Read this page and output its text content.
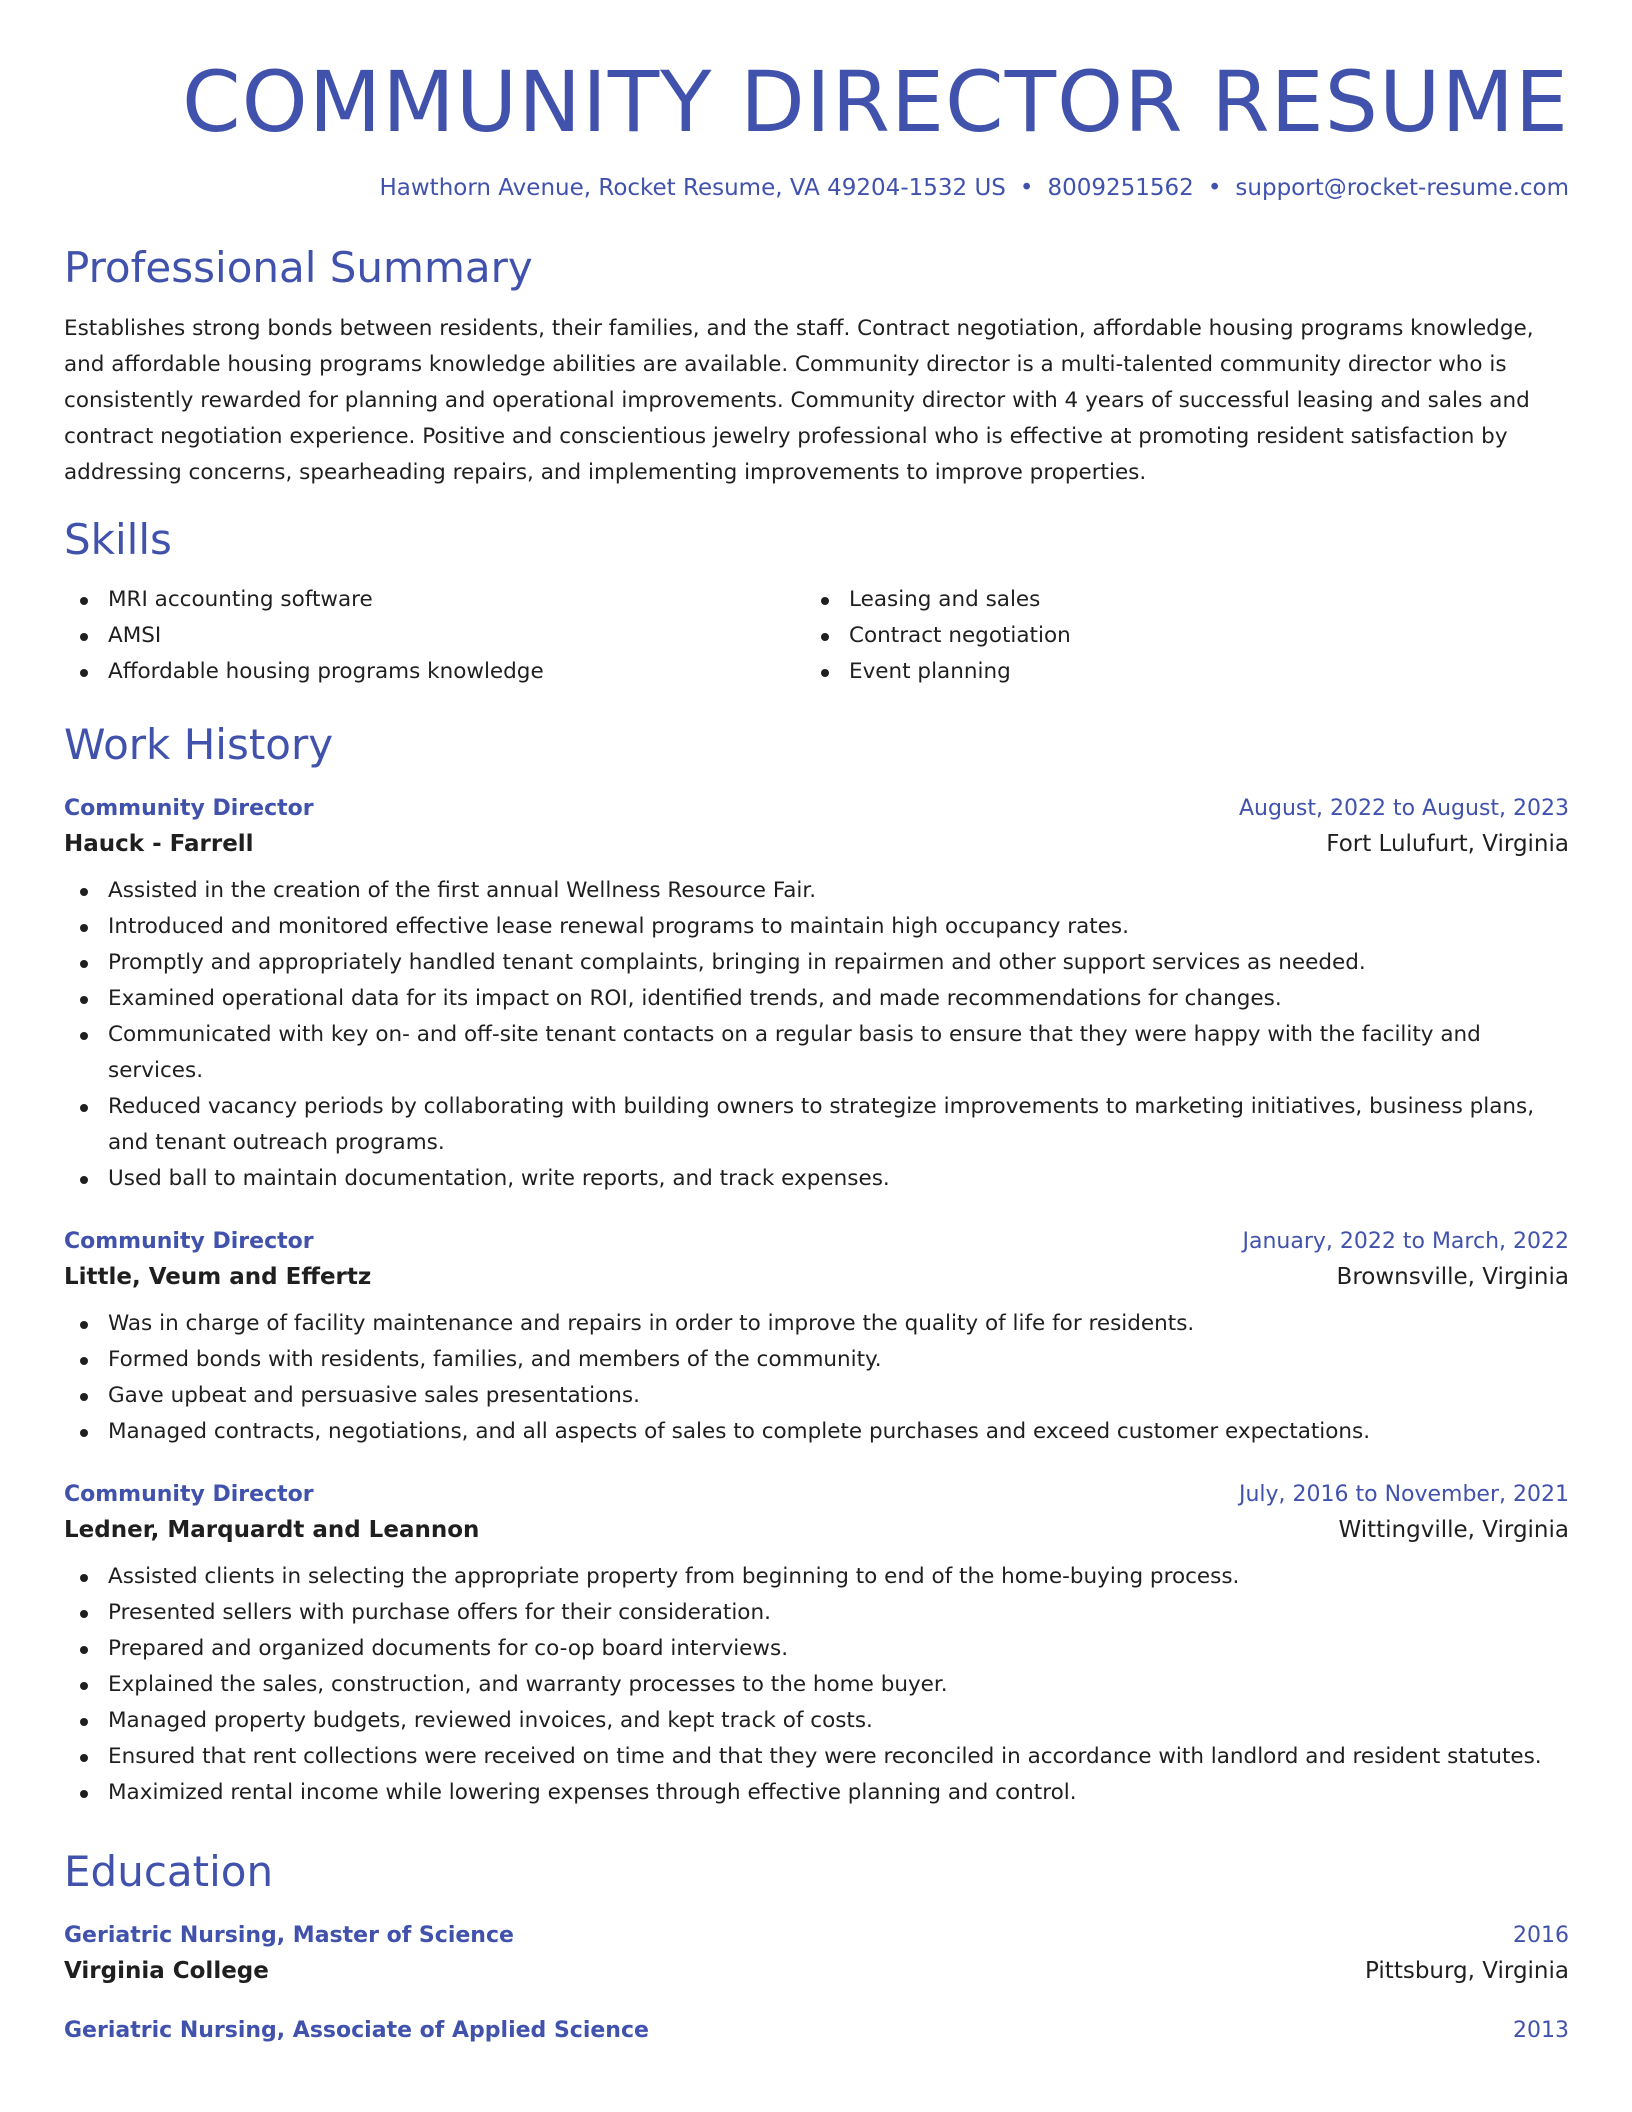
COMMUNITY DIRECTOR RESUME
Hawthorn Avenue, Rocket Resume, VA 49204-1532 US • 8009251562 • support@rocket-resume.com
Professional Summary

Establishes strong bonds between residents, their families, and the staff. Contract negotiation, affordable housing programs knowledge, and affordable housing programs knowledge abilities are available. Community director is a multi-talented community director who is consistently rewarded for planning and operational improvements. Community director with 4 years of successful leasing and sales and contract negotiation experience. Positive and conscientious jewelry professional who is effective at promoting resident satisfaction by addressing concerns, spearheading repairs, and implementing improvements to improve properties.

Skills
MRI accounting software
AMSI
Affordable housing programs knowledge
Leasing and sales
Contract negotiation
Event planning
Work History
Community Director	August, 2022 to August, 2023
Hauck - Farrell	Fort Lulufurt, Virginia
Assisted in the creation of the first annual Wellness Resource Fair.
Introduced and monitored effective lease renewal programs to maintain high occupancy rates.
Promptly and appropriately handled tenant complaints, bringing in repairmen and other support services as needed.
Examined operational data for its impact on ROI, identified trends, and made recommendations for changes.
Communicated with key on- and off-site tenant contacts on a regular basis to ensure that they were happy with the facility and services.
Reduced vacancy periods by collaborating with building owners to strategize improvements to marketing initiatives, business plans, and tenant outreach programs.
Used ball to maintain documentation, write reports, and track expenses.
Community Director	January, 2022 to March, 2022
Little, Veum and Effertz	Brownsville, Virginia
Was in charge of facility maintenance and repairs in order to improve the quality of life for residents.
Formed bonds with residents, families, and members of the community.
Gave upbeat and persuasive sales presentations.
Managed contracts, negotiations, and all aspects of sales to complete purchases and exceed customer expectations.
Community Director	July, 2016 to November, 2021
Ledner, Marquardt and Leannon	Wittingville, Virginia
Assisted clients in selecting the appropriate property from beginning to end of the home-buying process.
Presented sellers with purchase offers for their consideration.
Prepared and organized documents for co-op board interviews.
Explained the sales, construction, and warranty processes to the home buyer.
Managed property budgets, reviewed invoices, and kept track of costs.
Ensured that rent collections were received on time and that they were reconciled in accordance with landlord and resident statutes.
Maximized rental income while lowering expenses through effective planning and control.
Education
Geriatric Nursing, Master of Science	2016
Virginia College	Pittsburg, Virginia
Geriatric Nursing, Associate of Applied Science	2013
